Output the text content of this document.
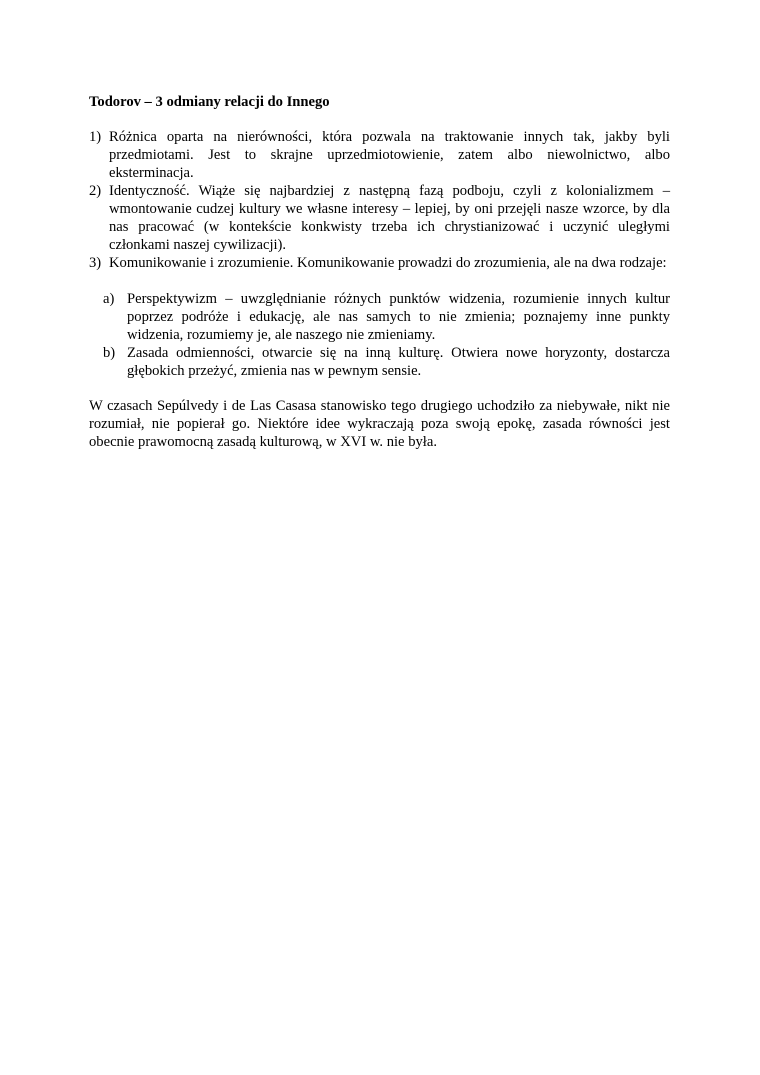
Todorov – 3 odmiany relacji do Innego
1) Różnica oparta na nierówności, która pozwala na traktowanie innych tak, jakby byli przedmiotami. Jest to skrajne uprzedmiotowienie, zatem albo niewolnictwo, albo eksterminacja.
2) Identyczność. Wiąże się najbardziej z następną fazą podboju, czyli z kolonializmem – wmontowanie cudzej kultury we własne interesy – lepiej, by oni przejęli nasze wzorce, by dla nas pracować (w kontekście konkwisty trzeba ich chrystianizować i uczynić uległymi członkami naszej cywilizacji).
3) Komunikowanie i zrozumienie. Komunikowanie prowadzi do zrozumienia, ale na dwa rodzaje:
a) Perspektywizm – uwzględnianie różnych punktów widzenia, rozumienie innych kultur poprzez podróże i edukację, ale nas samych to nie zmienia; poznajemy inne punkty widzenia, rozumiemy je, ale naszego nie zmieniamy.
b) Zasada odmienności, otwarcie się na inną kulturę. Otwiera nowe horyzonty, dostarcza głębokich przeżyć, zmienia nas w pewnym sensie.

W czasach Sepúlvedy i de Las Casasa stanowisko tego drugiego uchodziło za niebywałe, nikt nie rozumiał, nie popierał go. Niektóre idee wykraczają poza swoją epokę, zasada równości jest obecnie prawomocną zasadą kulturową, w XVI w. nie była.
